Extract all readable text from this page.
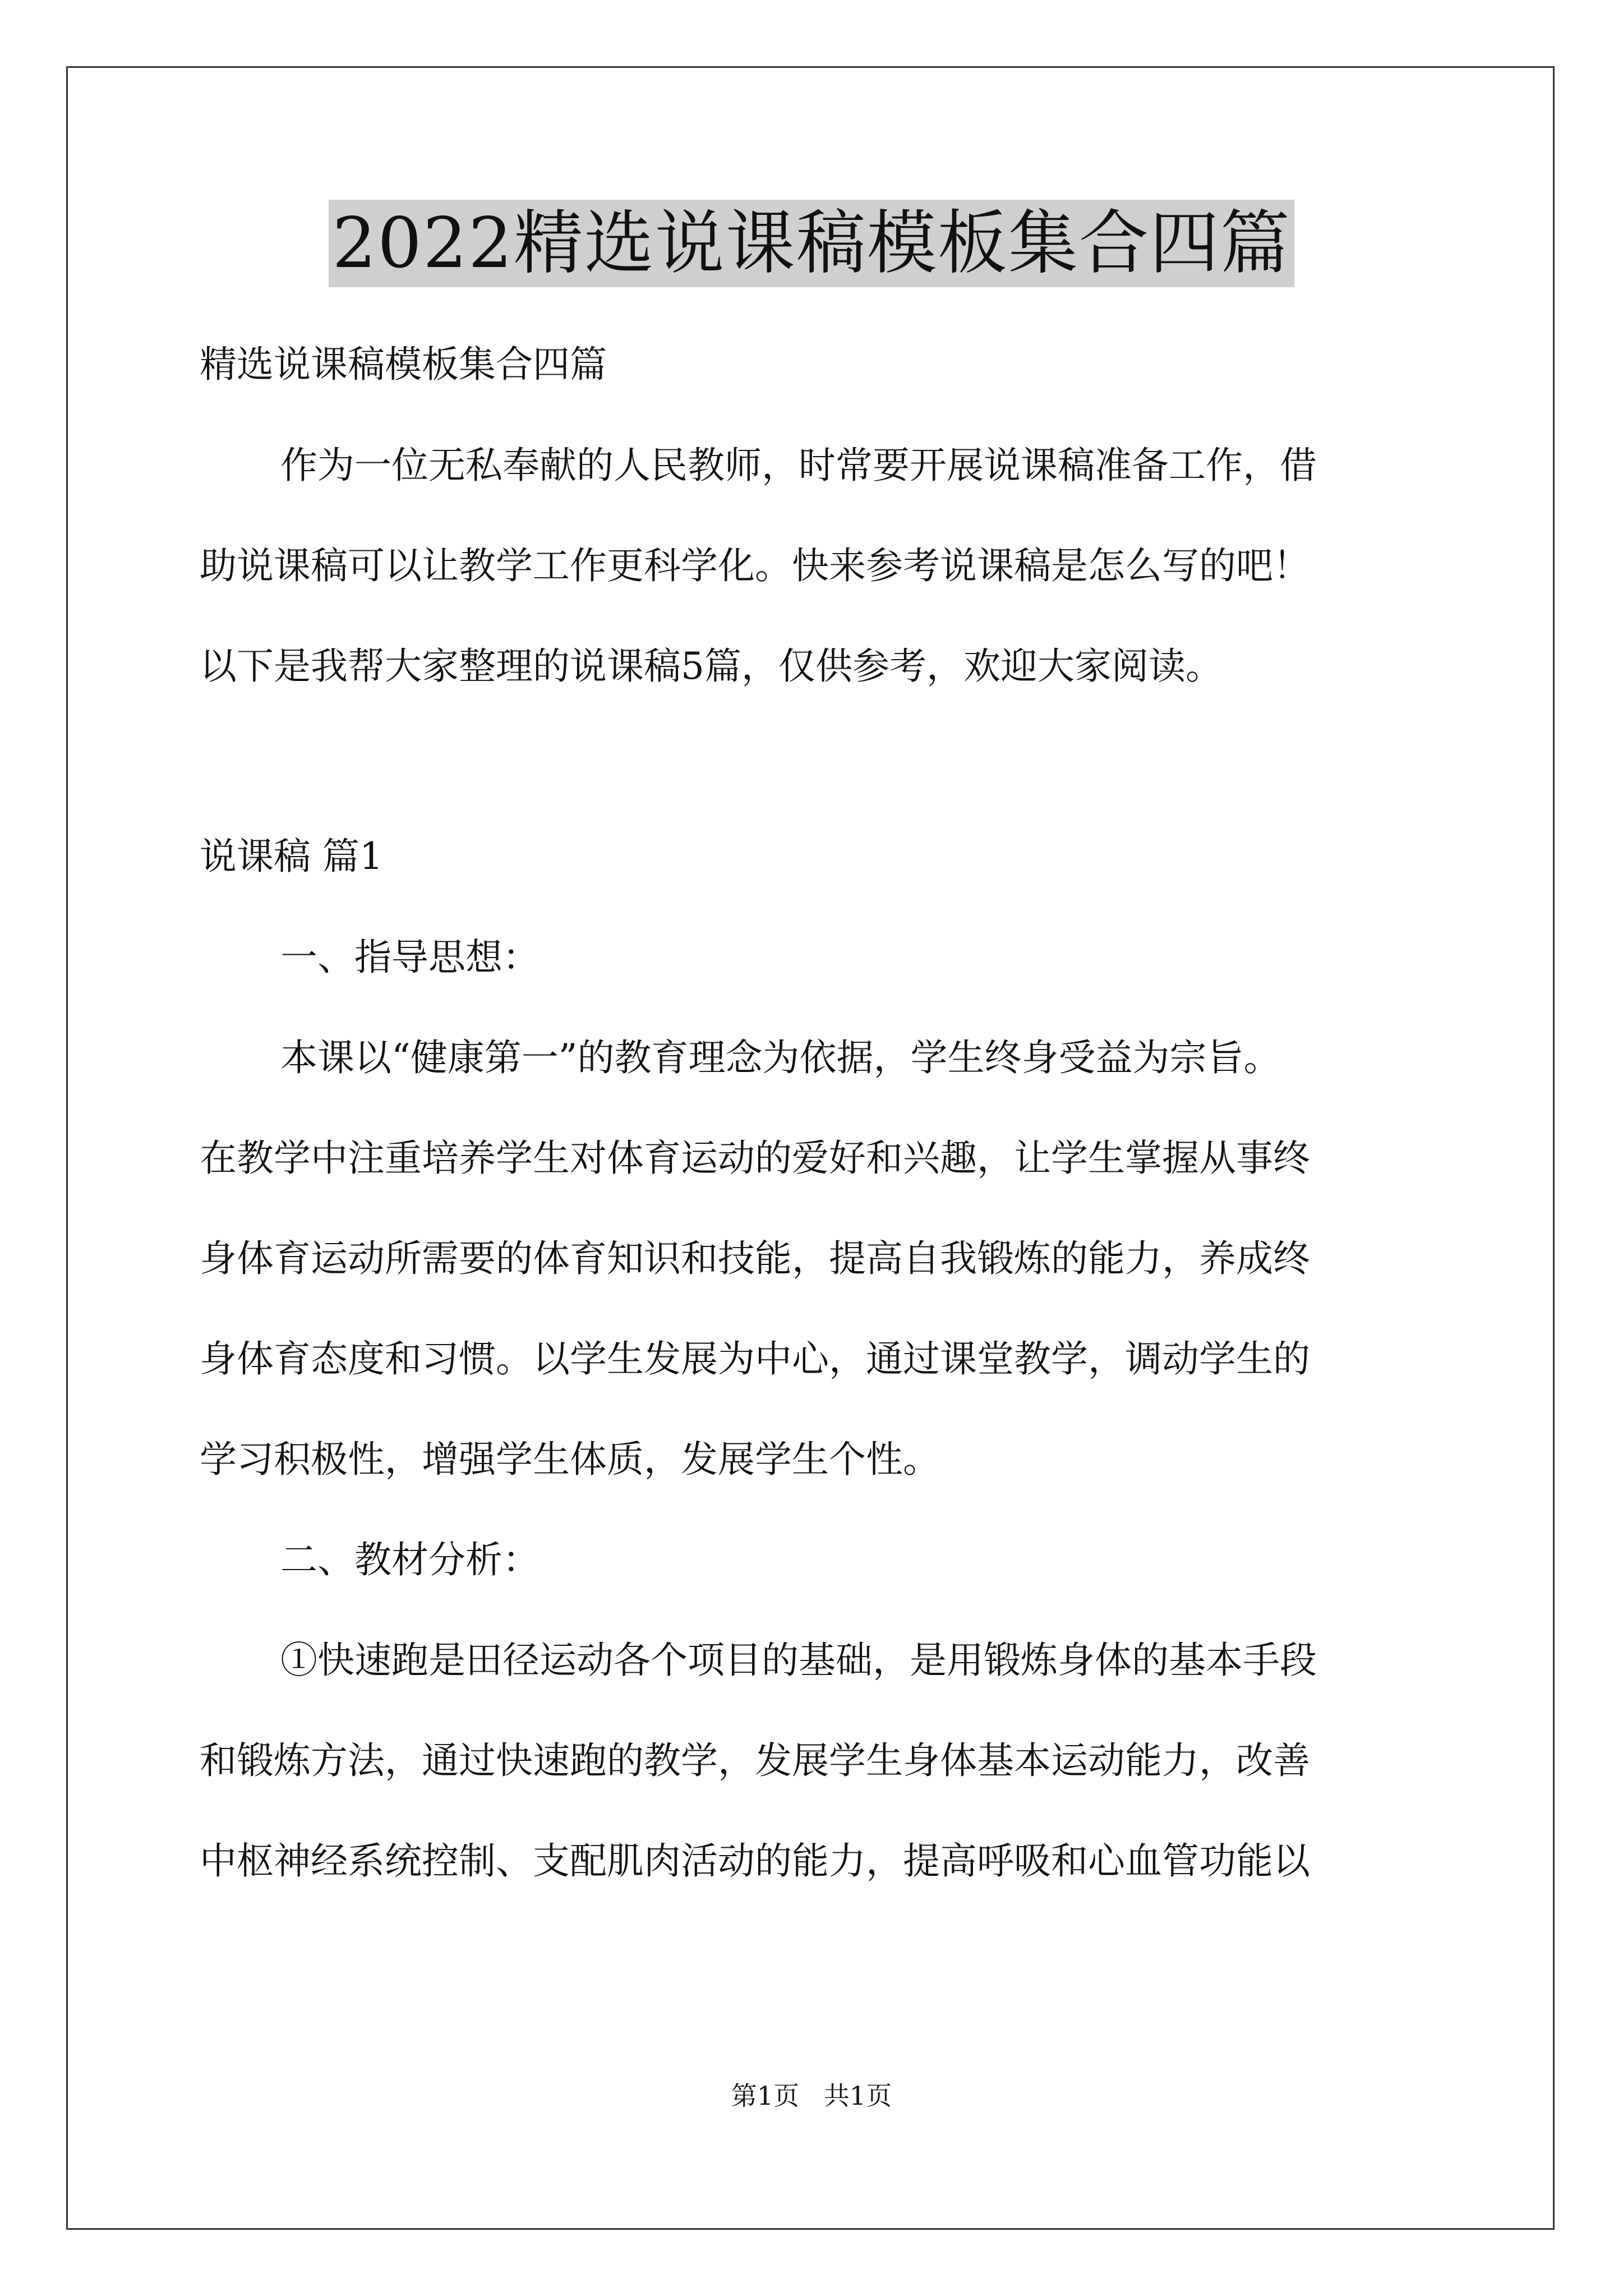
2022精选说课稿模板集合四篇

精选说课稿模板集合四篇

作为一位无私奉献的人民教师，时常要开展说课稿准备工作，借

助说课稿可以让教学工作更科学化。快来参考说课稿是怎么写的吧！

以下是我帮大家整理的说课稿5篇，仅供参考，欢迎大家阅读。

说课稿 篇1

一、指导思想：

本课以“健康第一”的教育理念为依据，学生终身受益为宗旨。

在教学中注重培养学生对体育运动的爱好和兴趣，让学生掌握从事终

身体育运动所需要的体育知识和技能，提高自我锻炼的能力，养成终

身体育态度和习惯。以学生发展为中心，通过课堂教学，调动学生的

学习积极性，增强学生体质，发展学生个性。

二、教材分析：

①快速跑是田径运动各个项目的基础，是用锻炼身体的基本手段

和锻炼方法，通过快速跑的教学，发展学生身体基本运动能力，改善

中枢神经系统控制、支配肌肉活动的能力，提高呼吸和心血管功能以

第1页   共1页
